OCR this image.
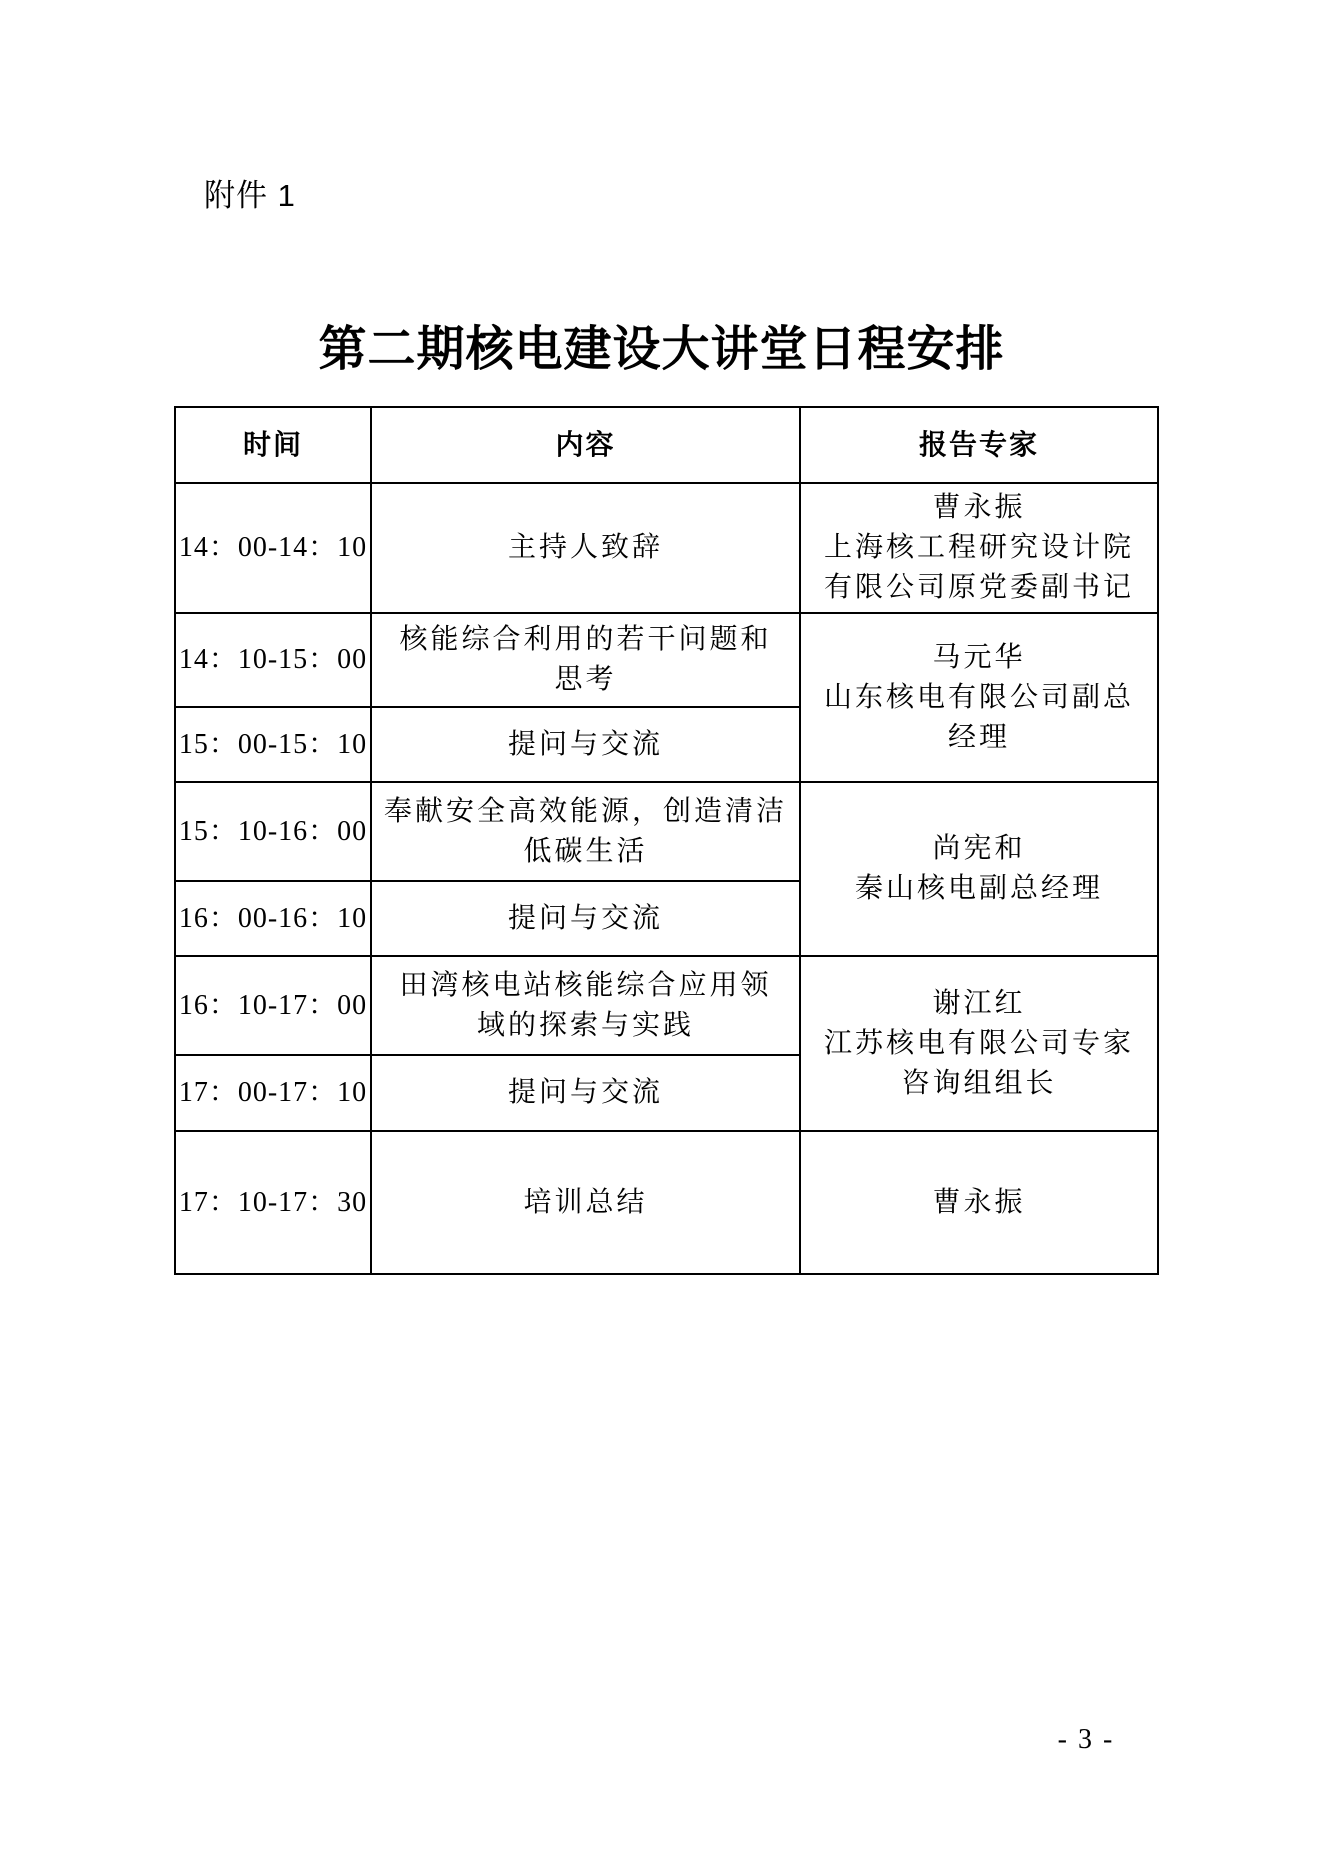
附件 1
第二期核电建设大讲堂日程安排
时间	内容	报告专家
14：00-14：10	主持人致辞	曹永振
上海核工程研究设计院
有限公司原党委副书记

14：10-15：00	核能综合利用的若干问题和
思考	马元华
山东核电有限公司副总
经理

15：00-15：10	提问与交流	

15：10-16：00	奉献安全高效能源，创造清洁
低碳生活	尚宪和
秦山核电副总经理

16：00-16：10	提问与交流	

16：10-17：00	田湾核电站核能综合应用领
域的探索与实践	谢江红
江苏核电有限公司专家
咨询组组长

17：00-17：10	提问与交流	

17：10-17：30	培训总结	曹永振
- 3 -
